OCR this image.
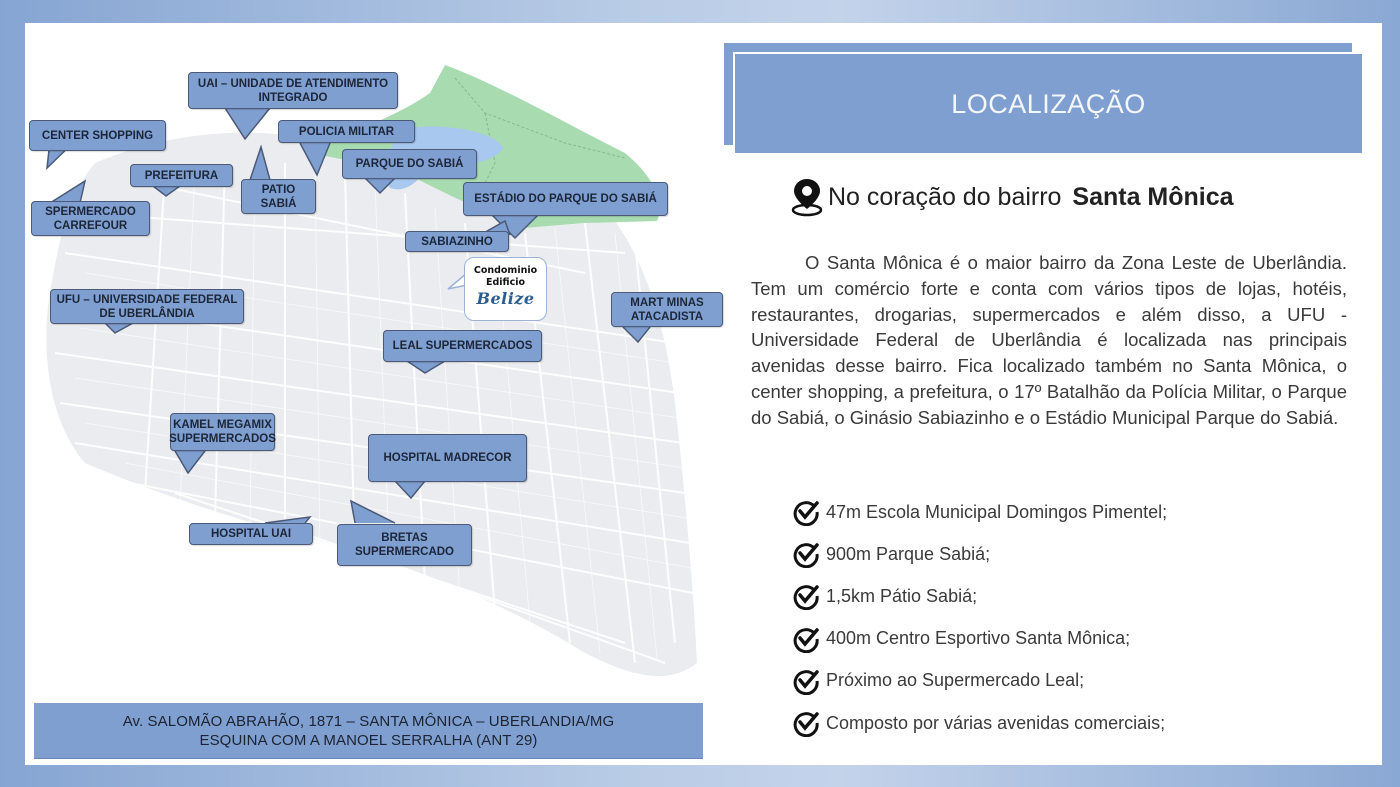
UAI – UNIDADE DE ATENDIMENTO INTEGRADO
CENTER SHOPPING	POLICIA MILITAR
PARQUE DO SABIÁ
PREFEITURA
PATIO SABIÁ	ESTÁDIO DO PARQUE DO SABIÁ
SPERMERCADO CARREFOUR
SABIAZINHO
UFU – UNIVERSIDADE FEDERAL DE UBERLÂNDIA
MART MINAS ATACADISTA
LEAL SUPERMERCADOS
KAMEL MEGAMIX SUPERMERCADOS
HOSPITAL MADRECOR
HOSPITAL UAI	BRETAS SUPERMERCADO
Condominio
Edificio
Belize
Av. SALOMÃO ABRAHÃO, 1871 – SANTA MÔNICA – UBERLANDIA/MG
ESQUINA COM A MANOEL SERRALHA (ANT 29)
LOCALIZAÇÃO
No coração do bairro Santa Mônica
O Santa Mônica é o maior bairro da Zona Leste de Uberlândia. Tem um comércio forte e conta com vários tipos de lojas, hotéis, restaurantes, drogarias, supermercados e além disso, a UFU - Universidade Federal de Uberlândia é localizada nas principais avenidas desse bairro. Fica localizado também no Santa Mônica, o center shopping, a prefeitura, o 17º Batalhão da Polícia Militar, o Parque do Sabiá, o Ginásio Sabiazinho e o Estádio Municipal Parque do Sabiá.
47m Escola Municipal Domingos Pimentel;
900m Parque Sabiá;
1,5km Pátio Sabiá;
400m Centro Esportivo Santa Mônica;
Próximo ao Supermercado Leal;
Composto por várias avenidas comerciais;
